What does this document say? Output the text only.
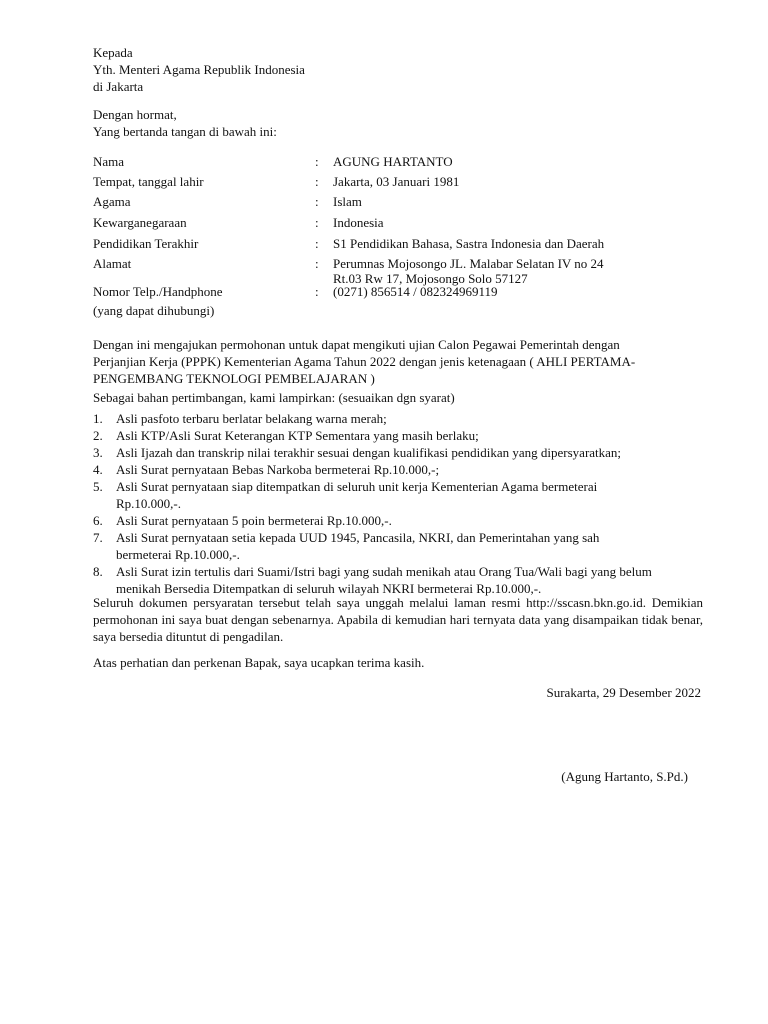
Kepada
Yth. Menteri Agama Republik Indonesia
di Jakarta
Dengan hormat,
Yang bertanda tangan di bawah ini:
Nama	: AGUNG HARTANTO
Tempat, tanggal lahir	: Jakarta, 03 Januari 1981
Agama	: Islam
Kewarganegaraan	: Indonesia
Pendidikan Terakhir	: S1 Pendidikan Bahasa, Sastra Indonesia dan Daerah
Alamat	: Perumnas Mojosongo JL. Malabar Selatan IV no 24
Rt.03 Rw 17, Mojosongo Solo 57127
Nomor Telp./Handphone	: (0271) 856514 / 082324969119
(yang dapat dihubungi)
Dengan ini mengajukan permohonan untuk dapat mengikuti ujian Calon Pegawai Pemerintah dengan
Perjanjian Kerja (PPPK) Kementerian Agama Tahun 2022 dengan jenis ketenagaan ( AHLI PERTAMA-
PENGEMBANG TEKNOLOGI PEMBELAJARAN )
Sebagai bahan pertimbangan, kami lampirkan: (sesuaikan dgn syarat)
1. Asli pasfoto terbaru berlatar belakang warna merah;
2. Asli KTP/Asli Surat Keterangan KTP Sementara yang masih berlaku;
3. Asli Ijazah dan transkrip nilai terakhir sesuai dengan kualifikasi pendidikan yang dipersyaratkan;
4. Asli Surat pernyataan Bebas Narkoba bermeterai Rp.10.000,-;
5. Asli Surat pernyataan siap ditempatkan di seluruh unit kerja Kementerian Agama bermeterai
Rp.10.000,-.
6. Asli Surat pernyataan 5 poin bermeterai Rp.10.000,-.
7. Asli Surat pernyataan setia kepada UUD 1945, Pancasila, NKRI, dan Pemerintahan yang sah
bermeterai Rp.10.000,-.
8. Asli Surat izin tertulis dari Suami/Istri bagi yang sudah menikah atau Orang Tua/Wali bagi yang belum
menikah Bersedia Ditempatkan di seluruh wilayah NKRI bermeterai Rp.10.000,-.
Seluruh dokumen persyaratan tersebut telah saya unggah melalui laman resmi http://sscasn.bkn.go.id. Demikian permohonan ini saya buat dengan sebenarnya. Apabila di kemudian hari ternyata data yang disampaikan tidak benar, saya bersedia dituntut di pengadilan.
Atas perhatian dan perkenan Bapak, saya ucapkan terima kasih.
Surakarta, 29 Desember 2022
(Agung Hartanto, S.Pd.)
